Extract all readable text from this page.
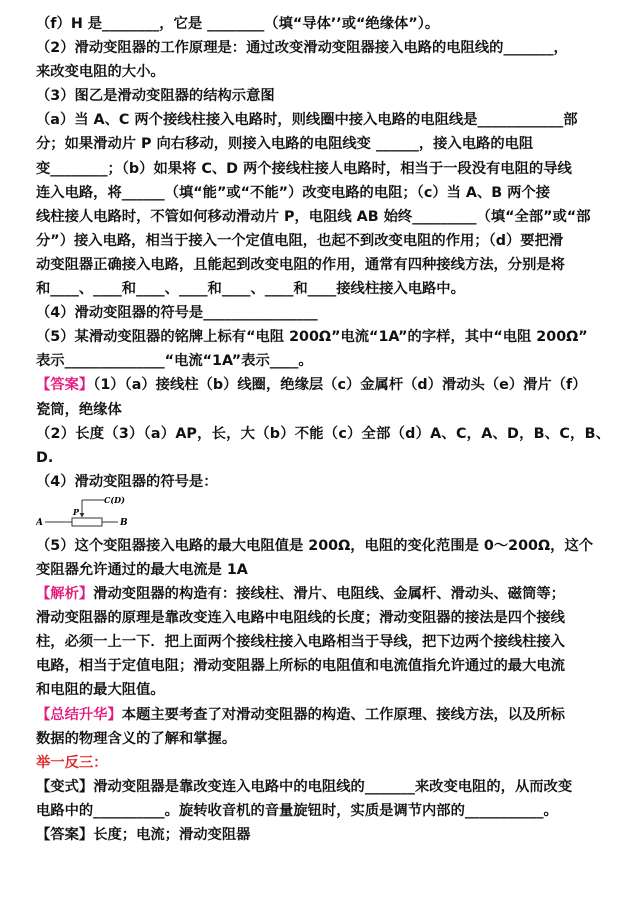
（f）H 是________，它是 ________（填“导体’’或“绝缘体”）。

（2）滑动变阻器的工作原理是：通过改变滑动变阻器接入电路的电阻线的_______，

来改变电阻的大小。

（3）图乙是滑动变阻器的结构示意图

（a）当 A、C 两个接线柱接入电路时，则线圈中接入电路的电阻线是____________部

分；如果滑动片 P 向右移动，则接入电路的电阻线变 ______，接入电路的电阻

变________；（b）如果将 C、D 两个接线柱接人电路时，相当于一段没有电阻的导线

连入电路，将______（填“能”或“不能”）改变电路的电阻；（c）当 A、B 两个接

线柱接人电路时，不管如何移动滑动片 P，电阻线 AB 始终_________（填“全部”或“部

分”）接入电路，相当于接入一个定值电阻，也起不到改变电阻的作用；（d）要把滑

动变阻器正确接入电路，且能起到改变电阻的作用，通常有四种接线方法，分别是将

和____、____和____、____和____、____和____接线柱接入电路中。

（4）滑动变阻器的符号是________________

（5）某滑动变阻器的铭牌上标有“电阻 200Ω”电流“1A”的字样，其中“电阻 200Ω”

表示______________“电流“1A”表示____。

【答案】（1）（a）接线柱（b）线圈，绝缘层（c）金属杆（d）滑动头（e）滑片（f）

瓷筒，绝缘体

（2）长度（3）（a）AP，长，大（b）不能（c）全部（d）A、C，A、D，B、C，B、D.

（4）滑动变阻器的符号是：

A	B
P
C(D)

（5）这个变阻器接入电路的最大电阻值是 200Ω，电阻的变化范围是 0～200Ω，这个

变阻器允许通过的最大电流是 1A

【解析】滑动变阻器的构造有：接线柱、滑片、电阻线、金属杆、滑动头、磁筒等；

滑动变阻器的原理是靠改变连入电路中电阻线的长度；滑动变阻器的接法是四个接线

柱，必须一上一下．把上面两个接线柱接入电路相当于导线，把下边两个接线柱接入

电路，相当于定值电阻；滑动变阻器上所标的电阻值和电流值指允许通过的最大电流

和电阻的最大阻值。

【总结升华】本题主要考查了对滑动变阻器的构造、工作原理、接线方法，以及所标

数据的物理含义的了解和掌握。

举一反三：

【变式】滑动变阻器是靠改变连入电路中的电阻线的_______来改变电阻的，从而改变

电路中的__________。旋转收音机的音量旋钮时，实质是调节内部的___________。

【答案】长度；电流；滑动变阻器
